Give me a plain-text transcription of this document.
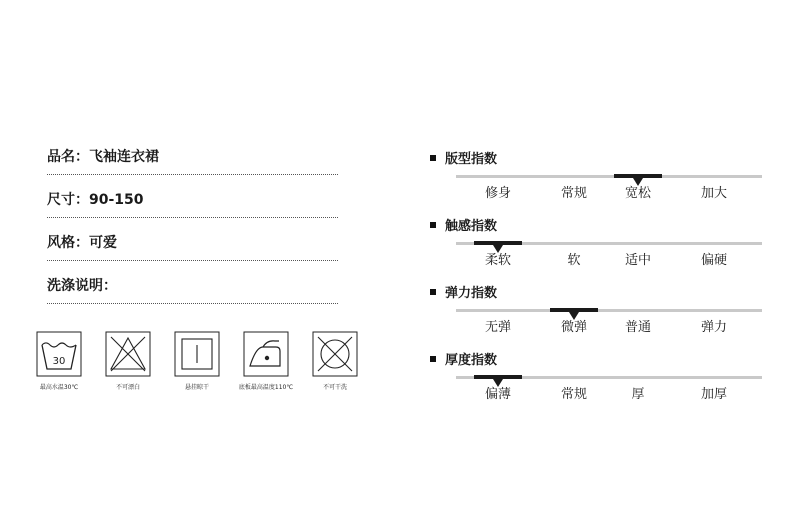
品名：飞袖连衣裙
尺寸：90-150
风格：可爱
洗涤说明：
30
最高水温30℃	不可漂白	悬挂晾干	底板最高温度110℃	不可干洗
版型指数
修身	常规	宽松	加大
触感指数
柔软	软	适中	偏硬
弹力指数
无弹	微弹	普通	弹力
厚度指数
偏薄	常规	厚	加厚
